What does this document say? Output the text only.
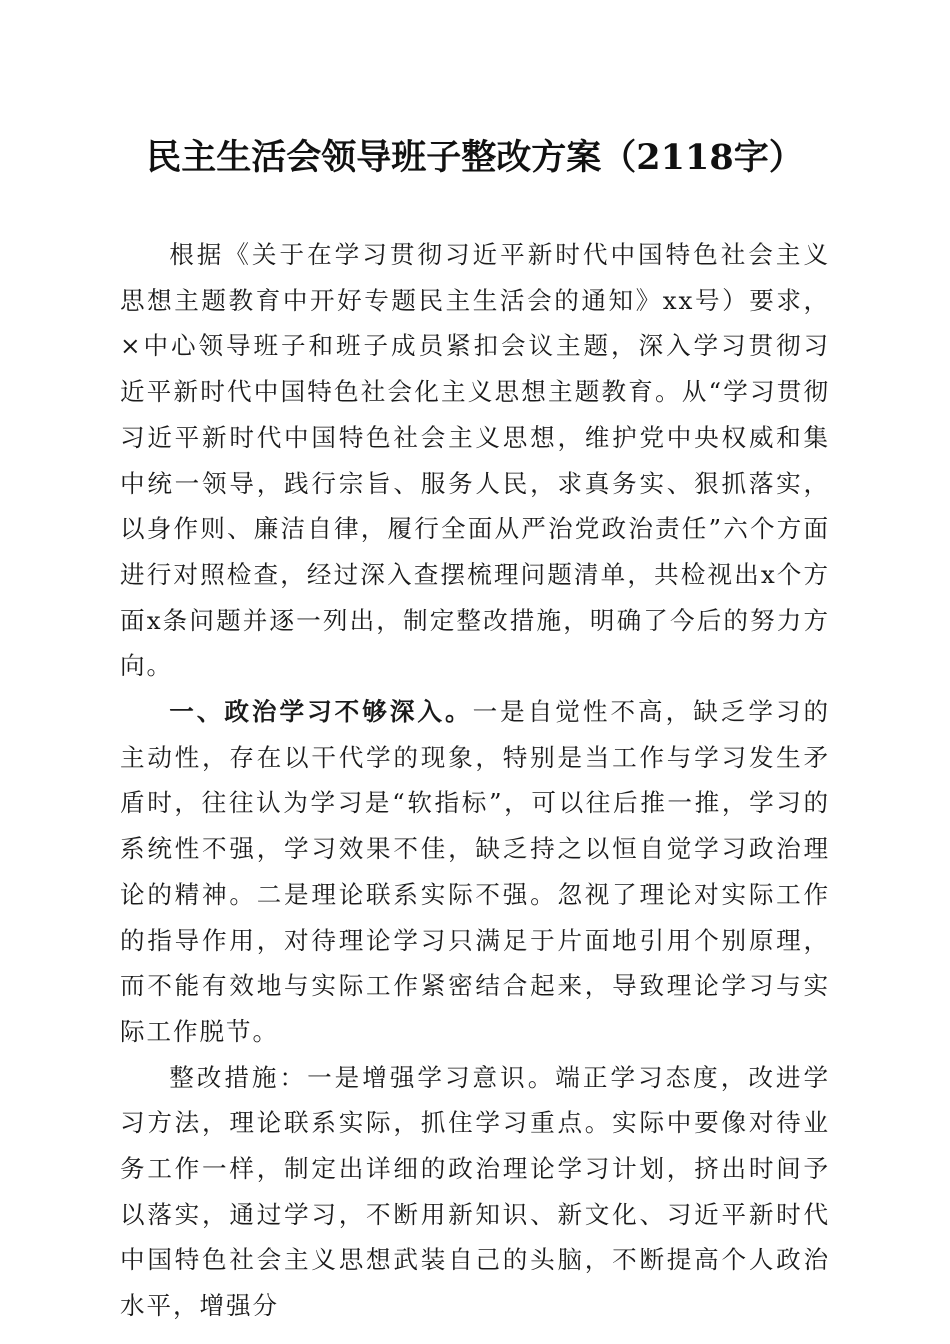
民主生活会领导班子整改方案（2118字）

根据《关于在学习贯彻习近平新时代中国特色社会主义思想主题教育中开好专题民主生活会的通知》xx号）要求，×中心领导班子和班子成员紧扣会议主题，深入学习贯彻习近平新时代中国特色社会化主义思想主题教育。从“学习贯彻习近平新时代中国特色社会主义思想，维护党中央权威和集中统一领导，践行宗旨、服务人民，求真务实、狠抓落实，以身作则、廉洁自律，履行全面从严治党政治责任”六个方面进行对照检查，经过深入查摆梳理问题清单，共检视出x个方面x条问题并逐一列出，制定整改措施，明确了今后的努力方向。

一、政治学习不够深入。一是自觉性不高，缺乏学习的主动性，存在以干代学的现象，特别是当工作与学习发生矛盾时，往往认为学习是“软指标”，可以往后推一推，学习的系统性不强，学习效果不佳，缺乏持之以恒自觉学习政治理论的精神。二是理论联系实际不强。忽视了理论对实际工作的指导作用，对待理论学习只满足于片面地引用个别原理，而不能有效地与实际工作紧密结合起来，导致理论学习与实际工作脱节。

整改措施：一是增强学习意识。端正学习态度，改进学习方法，理论联系实际，抓住学习重点。实际中要像对待业务工作一样，制定出详细的政治理论学习计划，挤出时间予以落实，通过学习，不断用新知识、新文化、习近平新时代中国特色社会主义思想武装自己的头脑，不断提高个人政治水平，增强分
